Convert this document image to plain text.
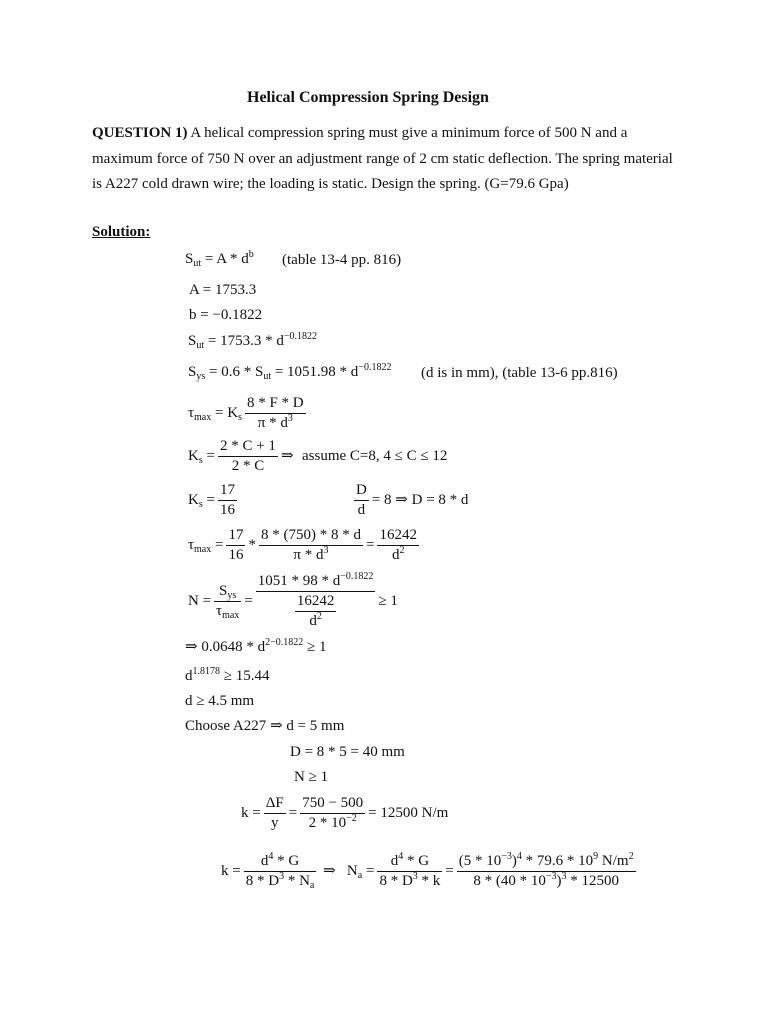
Helical Compression Spring Design
QUESTION 1) A helical compression spring must give a minimum force of 500 N and a maximum force of 750 N over an adjustment range of 2 cm static deflection. The spring material is A227 cold drawn wire; the loading is static. Design the spring. (G=79.6 Gpa)
Solution:
$S_{ut} = A * d^b$ (table 13-4 pp. 816)
A = 1753.3
b = −0.1822
$S_{ut} = 1753.3 * d^{-0.1822}$
$S_{ys} = 0.6 * S_{ut} = 1051.98 * d^{-0.1822}$ (d is in mm), (table 13-6 pp.816)
$\tau_{max} = K_s \frac{8 * F * D}{\pi * d^3}$
$K_s = \frac{2 * C + 1}{2 * C}$ ⇒ assume C=8, 4 ≤ C ≤ 12
$K_s = \frac{17}{16}$	$\frac{D}{d} = 8$ ⇒ D = 8 * d
$\tau_{max} = \frac{17}{16} * \frac{8 * (750) * 8 * d}{\pi * d^3} = \frac{16242}{d^2}$
N =
$S_{ys}$
$\tau_{max}$
= $\frac{1051 * 98 * d^{-0.1822}}{\frac{16242}{d^2}} \ge 1$
⇒ $0.0648 * d^{2-0.1822} \ge 1$
$d^{1.8178} \ge 15.44$
d ≥ 4.5 mm
Choose A227 ⇒ d = 5 mm
D = 8 * 5 = 40 mm
N ≥ 1
$k = \frac{\Delta F}{y} = \frac{750 - 500}{2 * 10^{-2}} = 12500$ N/m
$k = \frac{d^4 * G}{8 * D^3 * N_a}$ ⇒   $N_a = \frac{d^4 * G}{8 * D^3 * k} = \frac{(5 * 10^{-3})^4 * 79.6 * 10^9 N/m^2}{8 * (40 * 10^{-3})^3 * 12500}$
